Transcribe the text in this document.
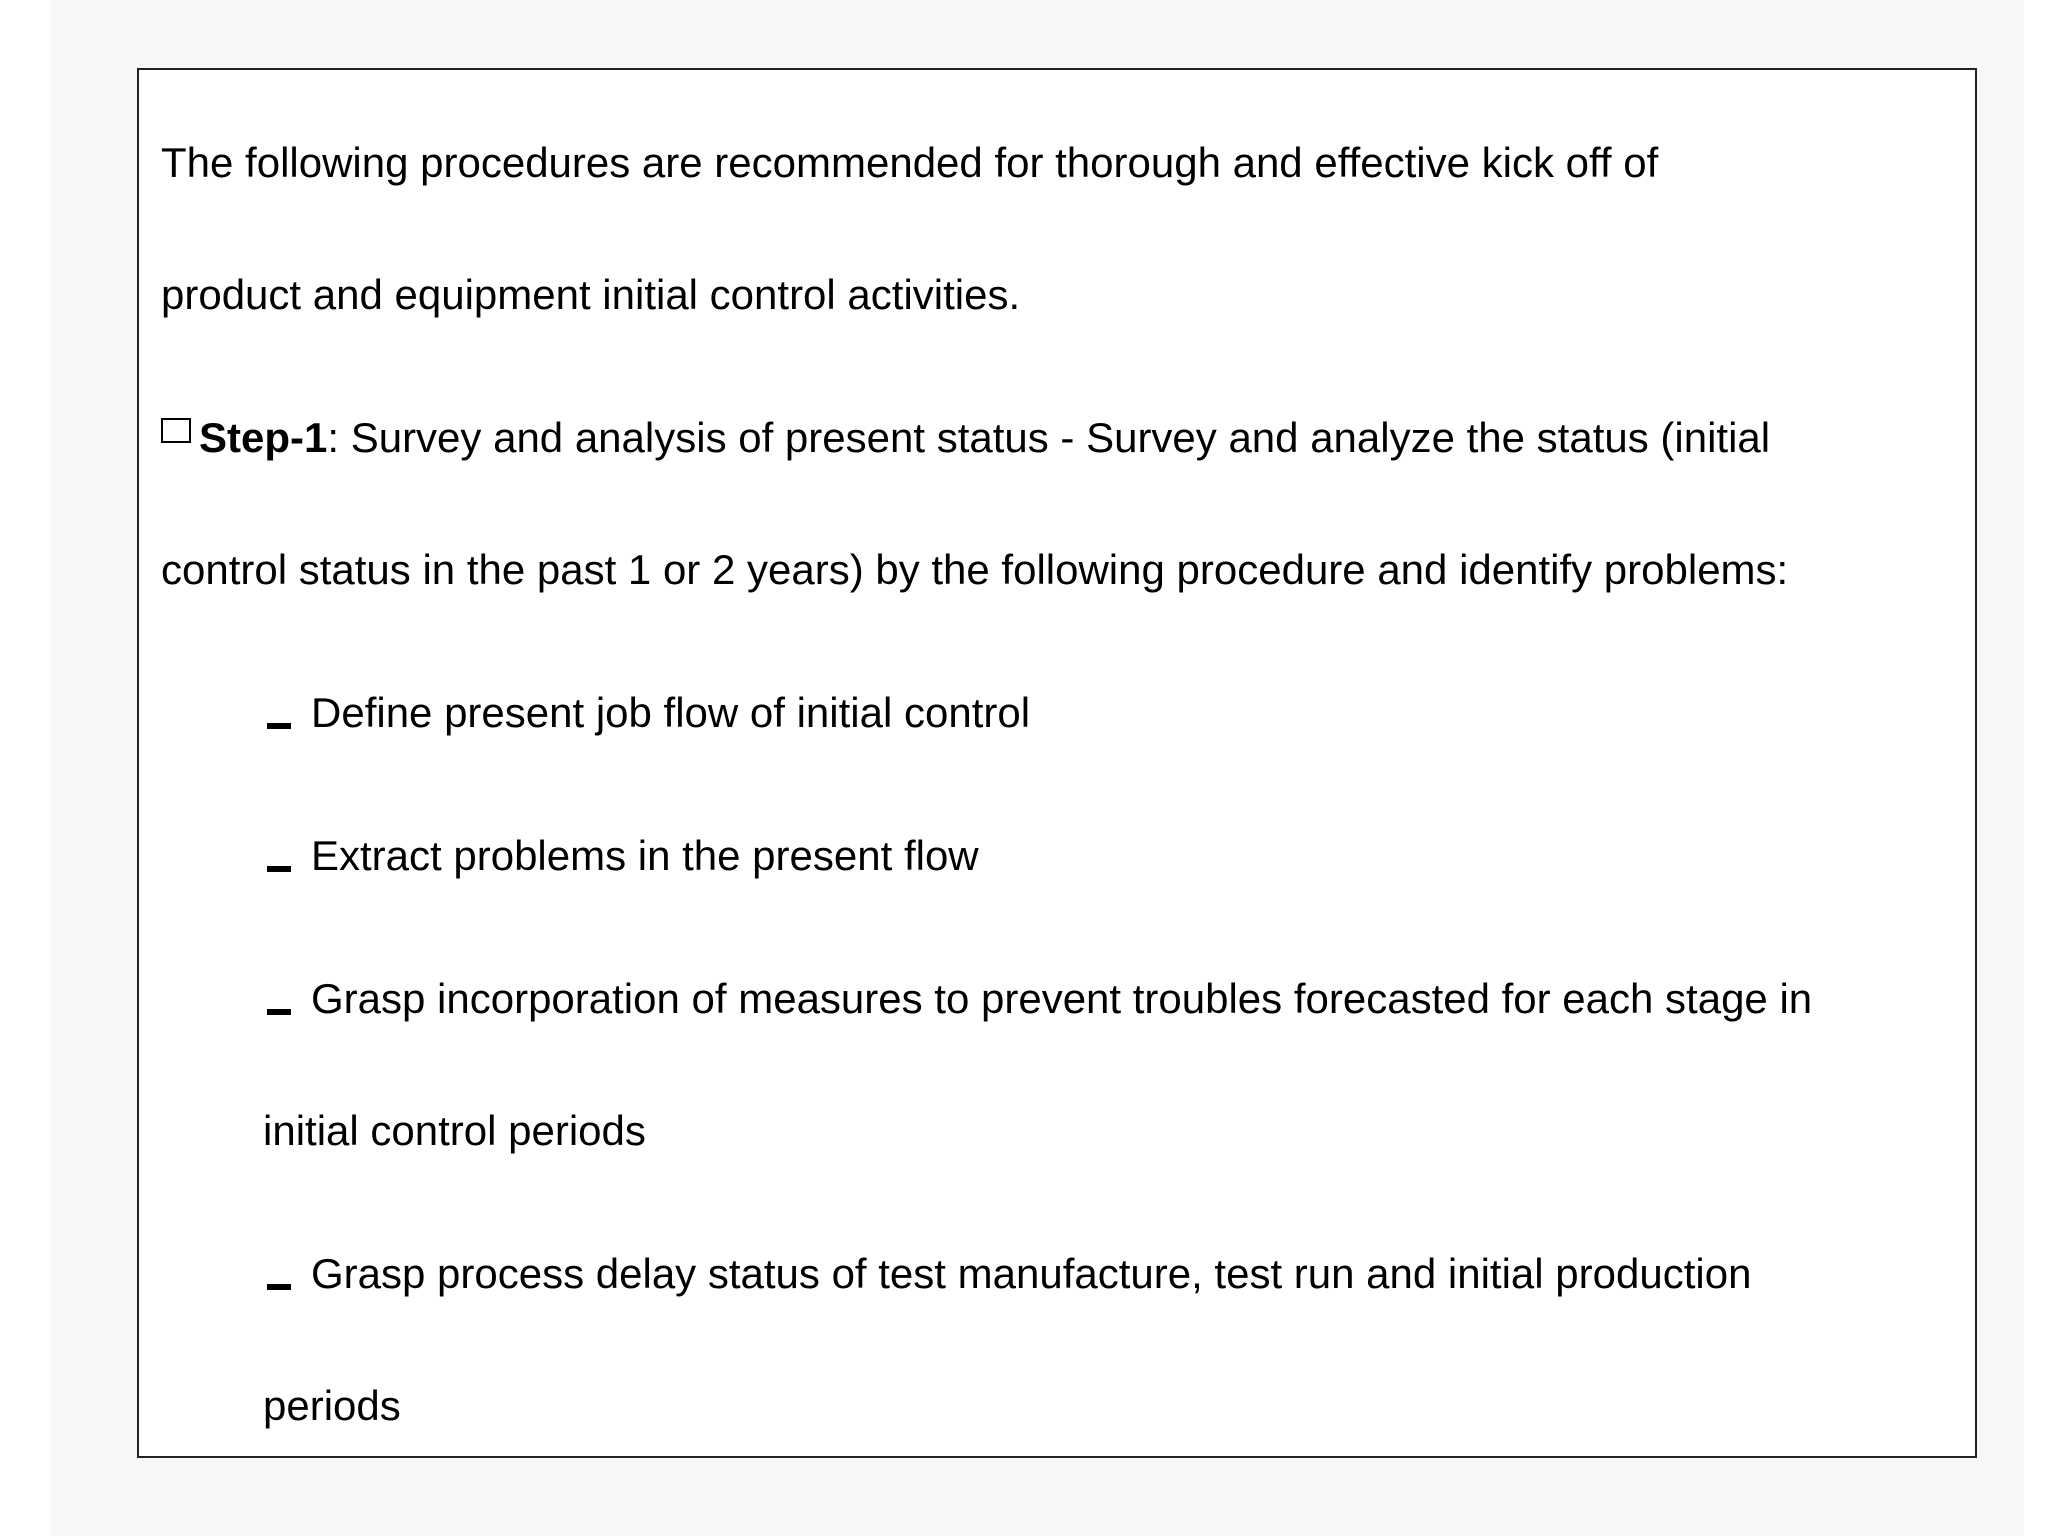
The following procedures are recommended for thorough and effective kick off of
product and equipment initial control activities.
Step-1: Survey and analysis of present status - Survey and analyze the status (initial
control status in the past 1 or 2 years) by the following procedure and identify problems:
Define present job flow of initial control
Extract problems in the present flow
Grasp incorporation of measures to prevent troubles forecasted for each stage in
initial control periods
Grasp process delay status of test manufacture, test run and initial production
periods
